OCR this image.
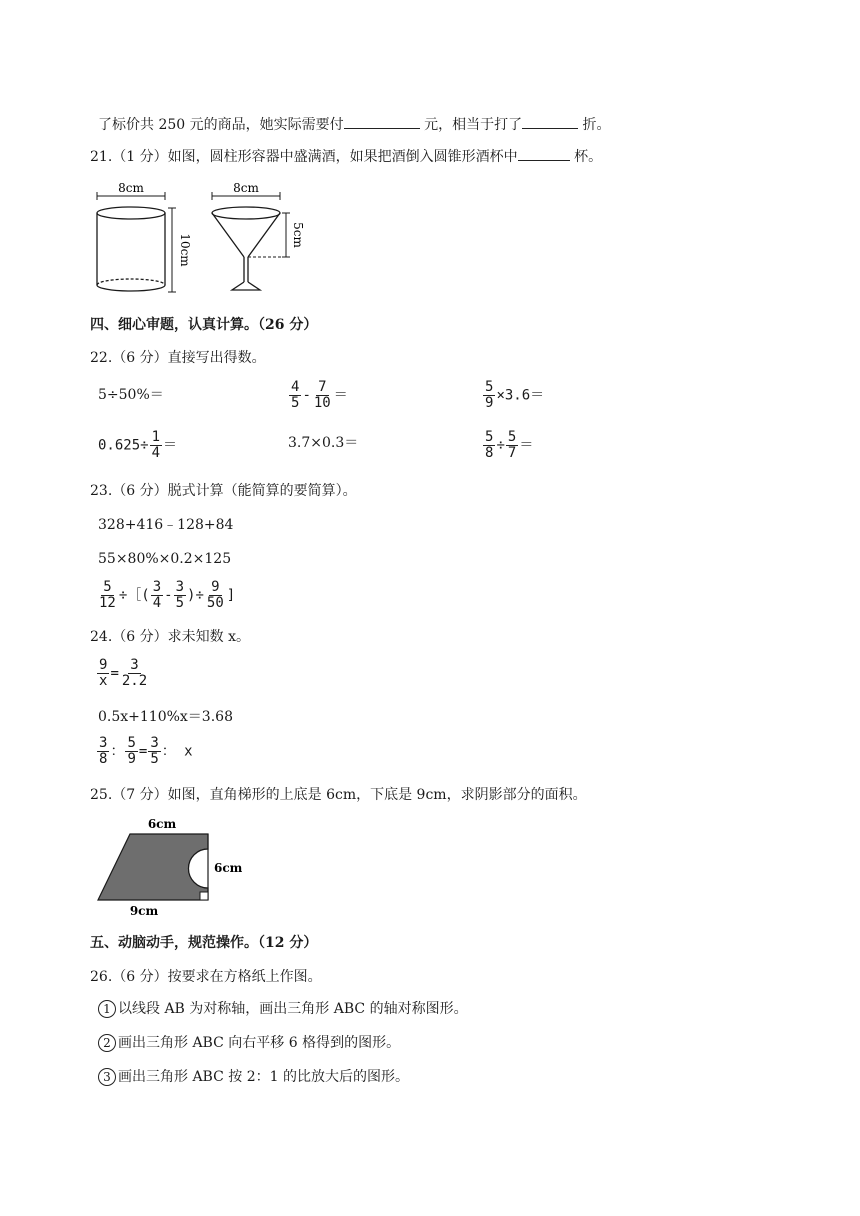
了标价共 250 元的商品，她实际需要付	元，相当于打了	折。
21.（1 分）如图，圆柱形容器中盛满酒，如果把酒倒入圆锥形酒杯中	杯。
8cm
10cm
8cm
5cm
四、细心审题，认真计算。（26 分）
22.（6 分）直接写出得数。
5÷50%＝	$\frac{4}{5} - \frac{7}{10}$ ＝	$\frac{5}{9} \times 3.6=$
$0.625\div \frac{1}{4}$ ＝	3.7×0.3＝	$\frac{5}{8} \div \frac{5}{7}$ ＝
23.（6 分）脱式计算（能简算的要简算）。
328+416﹣128+84
55×80%×0.2×125
$\frac{5}{12}$ ÷［( $\frac{3}{4} - \frac{3}{5}$ )÷ $\frac{9}{50}$ ]
24.（6 分）求未知数 x。
$\frac{9}{x} = \frac{3}{2.2}$
0.5x+110%x＝3.68
$\frac{3}{8}$ ： $\frac{5}{9} = \frac{3}{5}$ ： x
25.（7 分）如图，直角梯形的上底是 6cm，下底是 9cm，求阴影部分的面积。
6cm
6cm
9cm
五、动脑动手，规范操作。（12 分）
26.（6 分）按要求在方格纸上作图。
1 以线段 AB 为对称轴，画出三角形 ABC 的轴对称图形。
2 画出三角形 ABC 向右平移 6 格得到的图形。
3 画出三角形 ABC 按 2：1 的比放大后的图形。
